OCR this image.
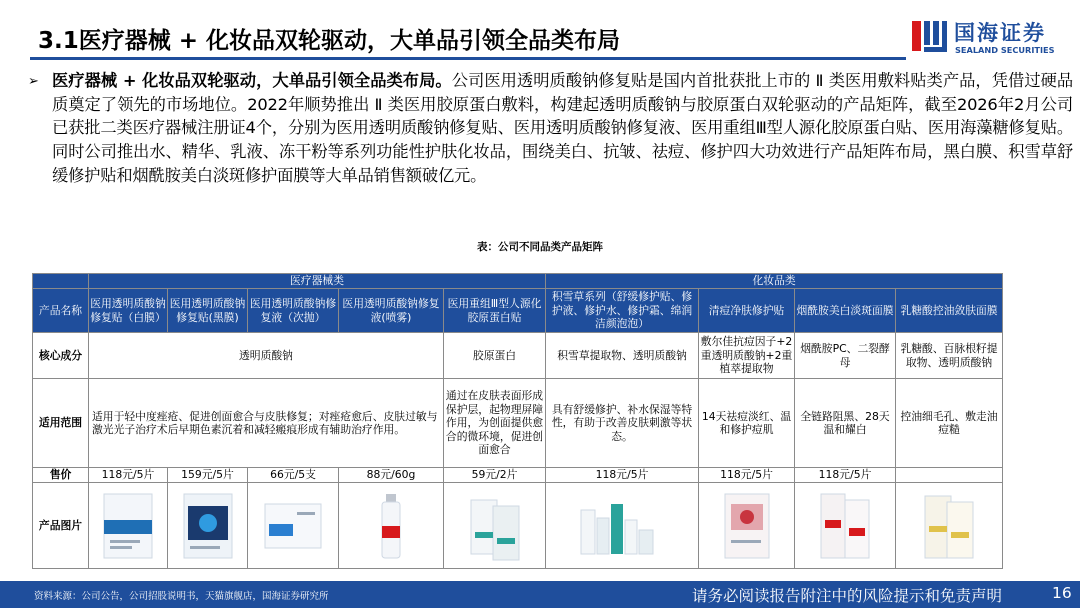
3.1医疗器械 + 化妆品双轮驱动，大单品引领全品类布局	国海证券
SEALAND SECURITIES
➢ 医疗器械 + 化妆品双轮驱动，大单品引领全品类布局。公司医用透明质酸钠修复贴是国内首批获批上市的 Ⅱ 类医用敷料贴类产品，凭借过硬品质奠定了领先的市场地位。2022年顺势推出 Ⅱ 类医用胶原蛋白敷料，构建起透明质酸钠与胶原蛋白双轮驱动的产品矩阵，截至2026年2月公司已获批二类医疗器械注册证4个，分别为医用透明质酸钠修复贴、医用透明质酸钠修复液、医用重组Ⅲ型人源化胶原蛋白贴、医用海藻糖修复贴。同时公司推出水、精华、乳液、冻干粉等系列功能性护肤化妆品，围绕美白、抗皱、祛痘、修护四大功效进行产品矩阵布局，黑白膜、积雪草舒缓修护贴和烟酰胺美白淡斑修护面膜等大单品销售额破亿元。
表：公司不同品类产品矩阵
	医疗器械类					化妆品类			
产品名称	医用透明质酸钠修复贴（白膜）	医用透明质酸钠修复贴(黑膜)	医用透明质酸钠修复液（次抛）	医用透明质酸钠修复液(喷雾)	医用重组Ⅲ型人源化胶原蛋白贴	积雪草系列（舒缓修护贴、修护液、修护水、修护霜、绵润洁颜泡泡）	清痘净肤修护贴	烟酰胺美白淡斑面膜	乳糖酸控油敛肤面膜
核心成分	透明质酸钠				胶原蛋白	积雪草提取物、透明质酸钠	敷尔佳抗痘因子+2重透明质酸钠+2重植萃提取物	烟酰胺PC、二裂酵母	乳糖酸、百脉根籽提取物、透明质酸钠
适用范围	适用于轻中度痤疮、促进创面愈合与皮肤修复；对痤疮愈后、皮肤过敏与激光光子治疗术后早期色素沉着和减轻瘢痕形成有辅助治疗作用。				通过在皮肤表面形成保护层，起物理屏障作用，为创面提供愈合的微环境，促进创面愈合	具有舒缓修护、补水保湿等特性，有助于改善皮肤刺激等状态。	14天祛痘淡红、温和修护痘肌	全链路阻黑、28天温和耀白	控油细毛孔、敷走油痘糙
售价	118元/5片	159元/5片	66元/5支	88元/60g	59元/2片	118元/5片	118元/5片	118元/5片	
产品图片									
资料来源：公司公告，公司招股说明书，天猫旗舰店，国海证券研究所	请务必阅读报告附注中的风险提示和免责声明	16
